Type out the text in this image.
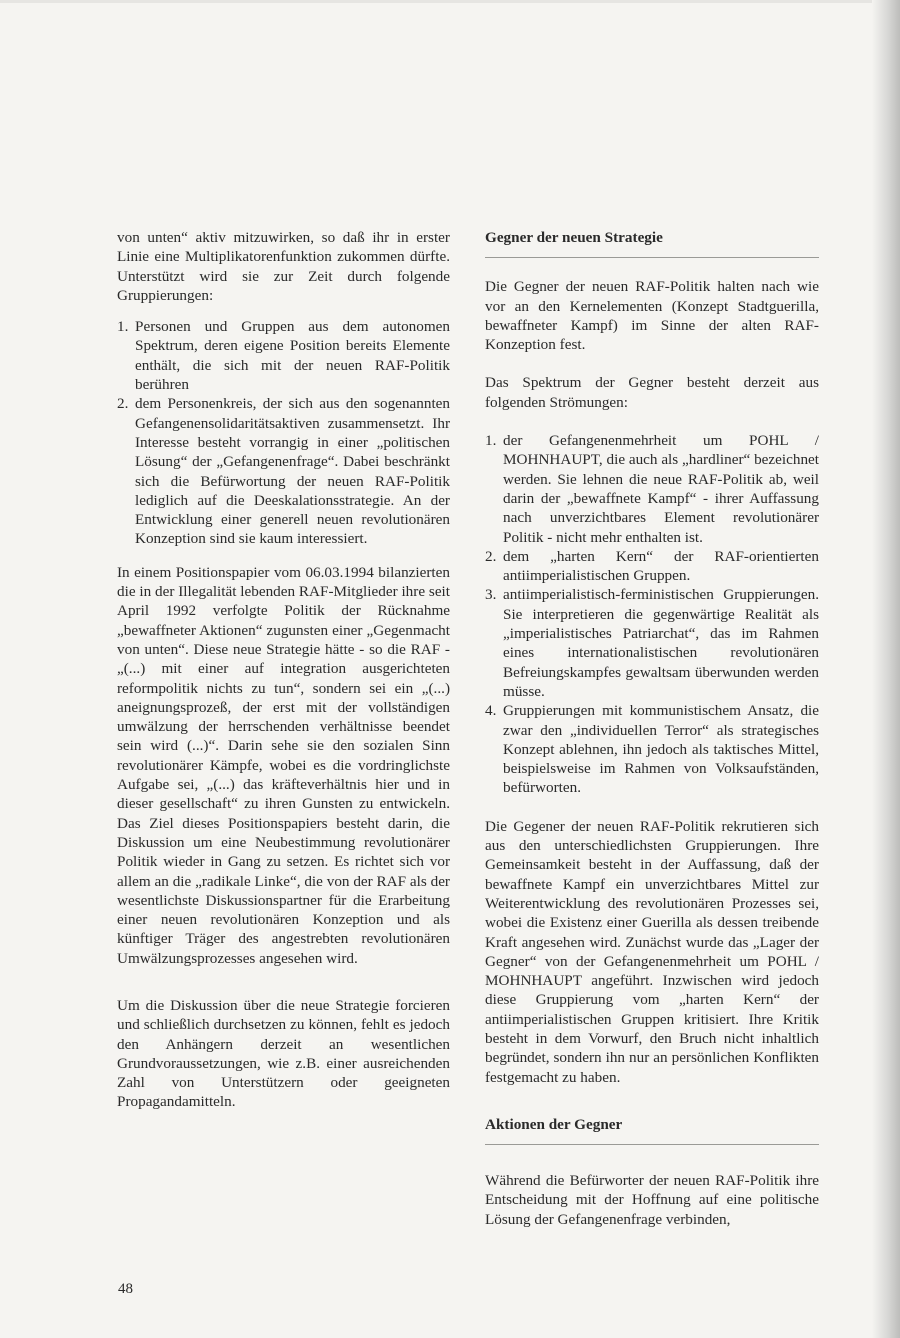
von unten“ aktiv mitzuwirken, so daß ihr in erster Linie eine Multiplikatorenfunktion zukommen dürfte. Unterstützt wird sie zur Zeit durch folgende Gruppierungen:

1. Personen und Gruppen aus dem autonomen Spektrum, deren eigene Position bereits Elemente enthält, die sich mit der neuen RAF-Politik berühren
2. dem Personenkreis, der sich aus den sogenannten Gefangenensolidaritätsaktiven zusammensetzt. Ihr Interesse besteht vorrangig in einer „politischen Lösung“ der „Gefangenenfrage“. Dabei beschränkt sich die Befürwortung der neuen RAF-Politik lediglich auf die Deeskalationsstrategie. An der Entwicklung einer generell neuen revolutionären Konzeption sind sie kaum interessiert.

In einem Positionspapier vom 06.03.1994 bilanzierten die in der Illegalität lebenden RAF-Mitglieder ihre seit April 1992 verfolgte Politik der Rücknahme „bewaffneter Aktionen“ zugunsten einer „Gegenmacht von unten“. Diese neue Strategie hätte - so die RAF - „(...) mit einer auf integration ausgerichteten reformpolitik nichts zu tun“, sondern sei ein „(...) aneignungsprozeß, der erst mit der vollständigen umwälzung der herrschenden verhältnisse beendet sein wird (...)“. Darin sehe sie den sozialen Sinn revolutionärer Kämpfe, wobei es die vordringlichste Aufgabe sei, „(...) das kräfteverhältnis hier und in dieser gesellschaft“ zu ihren Gunsten zu entwickeln. Das Ziel dieses Positionspapiers besteht darin, die Diskussion um eine Neubestimmung revolutionärer Politik wieder in Gang zu setzen. Es richtet sich vor allem an die „radikale Linke“, die von der RAF als der wesentlichste Diskussionspartner für die Erarbeitung einer neuen revolutionären Konzeption und als künftiger Träger des angestrebten revolutionären Umwälzungsprozesses angesehen wird.

Um die Diskussion über die neue Strategie forcieren und schließlich durchsetzen zu können, fehlt es jedoch den Anhängern derzeit an wesentlichen Grundvoraussetzungen, wie z.B. einer ausreichenden Zahl von Unterstützern oder geeigneten Propagandamitteln.

Gegner der neuen Strategie

Die Gegner der neuen RAF-Politik halten nach wie vor an den Kernelementen (Konzept Stadtguerilla, bewaffneter Kampf) im Sinne der alten RAF-Konzeption fest.

Das Spektrum der Gegner besteht derzeit aus folgenden Strömungen:

1. der Gefangenenmehrheit um POHL / MOHNHAUPT, die auch als „hardliner“ bezeichnet werden. Sie lehnen die neue RAF-Politik ab, weil darin der „bewaffnete Kampf“ - ihrer Auffassung nach unverzichtbares Element revolutionärer Politik - nicht mehr enthalten ist.
2. dem „harten Kern“ der RAF-orientierten antiimperialistischen Gruppen.
3. antiimperialistisch-ferministischen Gruppierungen. Sie interpretieren die gegenwärtige Realität als „imperialistisches Patriarchat“, das im Rahmen eines internationalistischen revolutionären Befreiungskampfes gewaltsam überwunden werden müsse.
4. Gruppierungen mit kommunistischem Ansatz, die zwar den „individuellen Terror“ als strategisches Konzept ablehnen, ihn jedoch als taktisches Mittel, beispielsweise im Rahmen von Volksaufständen, befürworten.

Die Gegener der neuen RAF-Politik rekrutieren sich aus den unterschiedlichsten Gruppierungen. Ihre Gemeinsamkeit besteht in der Auffassung, daß der bewaffnete Kampf ein unverzichtbares Mittel zur Weiterentwicklung des revolutionären Prozesses sei, wobei die Existenz einer Guerilla als dessen treibende Kraft angesehen wird. Zunächst wurde das „Lager der Gegner“ von der Gefangenenmehrheit um POHL / MOHNHAUPT angeführt. Inzwischen wird jedoch diese Gruppierung vom „harten Kern“ der antiimperialistischen Gruppen kritisiert. Ihre Kritik besteht in dem Vorwurf, den Bruch nicht inhaltlich begründet, sondern ihn nur an persönlichen Konflikten festgemacht zu haben.

Aktionen der Gegner

Während die Befürworter der neuen RAF-Politik ihre Entscheidung mit der Hoffnung auf eine politische Lösung der Gefangenenfrage verbinden,

48
